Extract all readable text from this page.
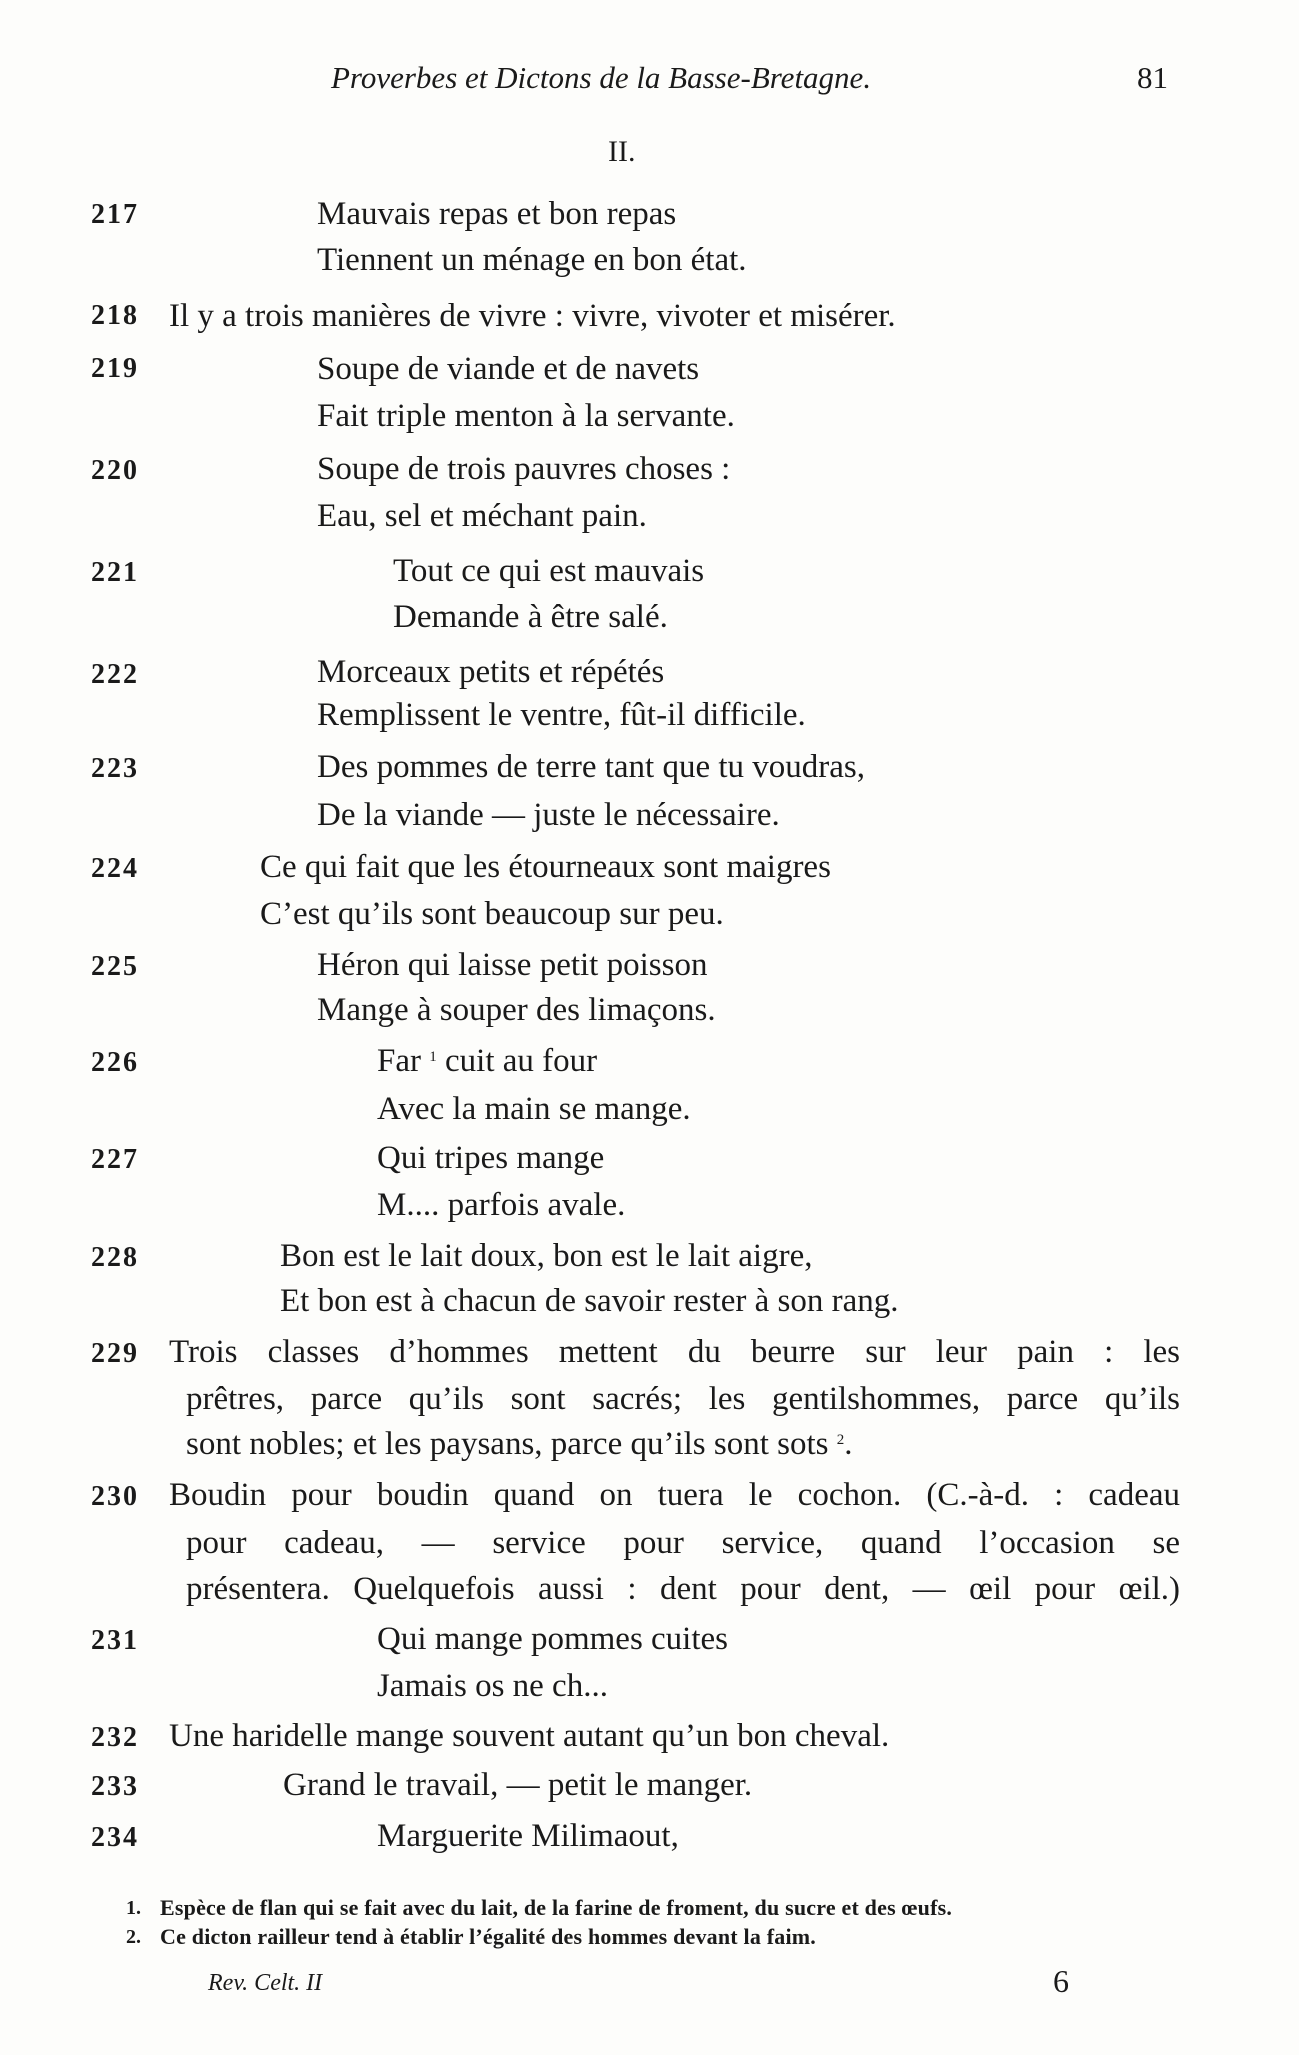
Proverbes et Dictons de la Basse-Bretagne.	81
II.
217	Mauvais repas et bon repas
Tiennent un ménage en bon état.
218 Il y a trois manières de vivre : vivre, vivoter et misérer.
219	Soupe de viande et de navets
Fait triple menton à la servante.
220	Soupe de trois pauvres choses :
Eau, sel et méchant pain.
221	Tout ce qui est mauvais
Demande à être salé.
222	Morceaux petits et répétés
Remplissent le ventre, fût-il difficile.
223	Des pommes de terre tant que tu voudras,
De la viande — juste le nécessaire.
224	Ce qui fait que les étourneaux sont maigres
C’est qu’ils sont beaucoup sur peu.
225	Héron qui laisse petit poisson
Mange à souper des limaçons.
226	Far $^1$ cuit au four
Avec la main se mange.
227	Qui tripes mange
M.... parfois avale.
228	Bon est le lait doux, bon est le lait aigre,
Et bon est à chacun de savoir rester à son rang.
229 Trois classes d’hommes mettent du beurre sur leur pain : les
prêtres, parce qu’ils sont sacrés; les gentilshommes, parce qu’ils
sont nobles; et les paysans, parce qu’ils sont sots $^2$.
230 Boudin pour boudin quand on tuera le cochon. (C.-à-d. : cadeau
pour cadeau, — service pour service, quand l’occasion se
présentera. Quelquefois aussi : dent pour dent, — œil pour œil.)
231	Qui mange pommes cuites
Jamais os ne ch...
232 Une haridelle mange souvent autant qu’un bon cheval.
233	Grand le travail, — petit le manger.
234	Marguerite Milimaout,
1. Espèce de flan qui se fait avec du lait, de la farine de froment, du sucre et des œufs.
2. Ce dicton railleur tend à établir l’égalité des hommes devant la faim.
Rev. Celt. II	6
